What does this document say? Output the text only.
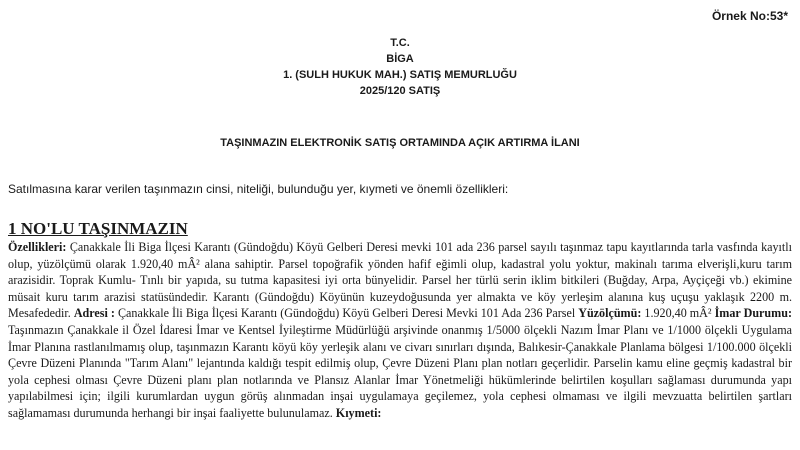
Örnek No:53*
T.C.
BİGA
1. (SULH HUKUK MAH.) SATIŞ MEMURLUĞU
2025/120 SATIŞ
TAŞINMAZIN ELEKTRONİK SATIŞ ORTAMINDA AÇIK ARTIRMA İLANI
Satılmasına karar verilen taşınmazın cinsi, niteliği, bulunduğu yer, kıymeti ve önemli özellikleri:
1 NO'LU TAŞINMAZIN

Özellikleri: Çanakkale İli Biga İlçesi Karantı (Gündoğdu) Köyü Gelberi Deresi mevki 101 ada 236 parsel sayılı taşınmaz tapu kayıtlarında tarla vasfında kayıtlı olup, yüzölçümü olarak 1.920,40 mÂ² alana sahiptir. Parsel topoğrafik yönden hafif eğimli olup, kadastral yolu yoktur, makinalı tarıma elverişli,kuru tarım arazisidir. Toprak Kumlu- Tınlı bir yapıda, su tutma kapasitesi iyi orta bünyelidir. Parsel her türlü serin iklim bitkileri (Buğday, Arpa, Ayçiçeği vb.) ekimine müsait kuru tarım arazisi statüsündedir. Karantı (Gündoğdu) Köyünün kuzeydoğusunda yer almakta ve köy yerleşim alanına kuş uçuşu yaklaşık 2200 m. Mesafededir. Adresi : Çanakkale İli Biga İlçesi Karantı (Gündoğdu) Köyü Gelberi Deresi Mevki 101 Ada 236 Parsel Yüzölçümü: 1.920,40 mÂ² İmar Durumu: Taşınmazın Çanakkale il Özel İdaresi İmar ve Kentsel İyileştirme Müdürlüğü arşivinde onanmış 1/5000 ölçekli Nazım İmar Planı ve 1/1000 ölçekli Uygulama İmar Planına rastlanılmamış olup, taşınmazın Karantı köyü köy yerleşik alanı ve civarı sınırları dışında, Balıkesir-Çanakkale Planlama bölgesi 1/100.000 ölçekli Çevre Düzeni Planında "Tarım Alanı" lejantında kaldığı tespit edilmiş olup, Çevre Düzeni Planı plan notları geçerlidir. Parselin kamu eline geçmiş kadastral bir yola cephesi olması Çevre Düzeni planı plan notlarında ve Plansız Alanlar İmar Yönetmeliği hükümlerinde belirtilen koşulları sağlaması durumunda yapı yapılabilmesi için; ilgili kurumlardan uygun görüş alınmadan inşai uygulamaya geçilemez, yola cephesi olmaması ve ilgili mevzuatta belirtilen şartları sağlamaması durumunda herhangi bir inşai faaliyette bulunulamaz. Kıymeti:
